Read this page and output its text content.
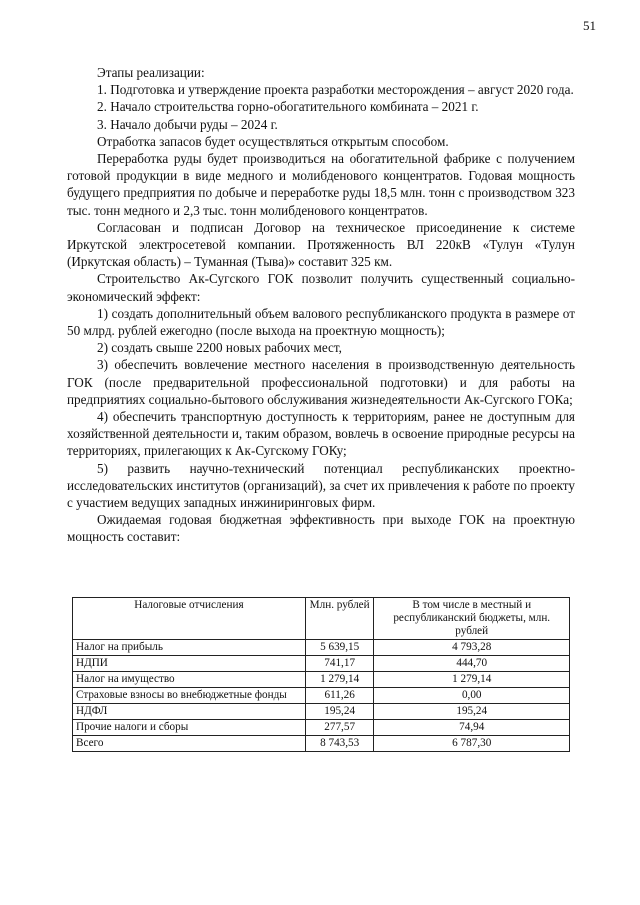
51

Этапы реализации:

1. Подготовка и утверждение проекта разработки месторождения – август 2020 года.

2. Начало строительства горно-обогатительного комбината – 2021 г.

3. Начало добычи руды – 2024 г.

Отработка запасов будет осуществляться открытым способом.

Переработка руды будет производиться на обогатительной фабрике с получением готовой продукции в виде медного и молибденового концентратов. Годовая мощность будущего предприятия по добыче и переработке руды 18,5 млн. тонн с производством 323 тыс. тонн медного и 2,3 тыс. тонн молибденового концентратов.

Согласован и подписан Договор на техническое присоединение к системе Иркутской электросетевой компании. Протяженность ВЛ 220кВ «Тулун «Тулун (Иркутская область) – Туманная (Тыва)» составит 325 км.

Строительство Ак-Сугского ГОК позволит получить существенный социально-экономический эффект:

1) создать дополнительный объем валового республиканского продукта в размере от 50 млрд. рублей ежегодно (после выхода на проектную мощность);

2) создать свыше 2200 новых рабочих мест,

3) обеспечить вовлечение местного населения в производственную деятельность ГОК (после предварительной профессиональной подготовки) и для работы на предприятиях социально-бытового обслуживания жизнедеятельности Ак-Сугского ГОКа;

4) обеспечить транспортную доступность к территориям, ранее не доступным для хозяйственной деятельности и, таким образом, вовлечь в освоение природные ресурсы на территориях, прилегающих к Ак-Сугскому ГОКу;

5) развить научно-технический потенциал республиканских проектно-исследовательских институтов (организаций), за счет их привлечения к работе по проекту с участием ведущих западных инжиниринговых фирм.

Ожидаемая годовая бюджетная эффективность при выходе ГОК на проектную мощность составит:

Налоговые отчисления	Млн. рублей	В том числе в местный и республиканский бюджеты, млн. рублей
Налог на прибыль	5 639,15	4 793,28
НДПИ	741,17	444,70
Налог на имущество	1 279,14	1 279,14
Страховые взносы во внебюджетные фонды	611,26	0,00
НДФЛ	195,24	195,24
Прочие налоги и сборы	277,57	74,94
Всего	8 743,53	6 787,30
